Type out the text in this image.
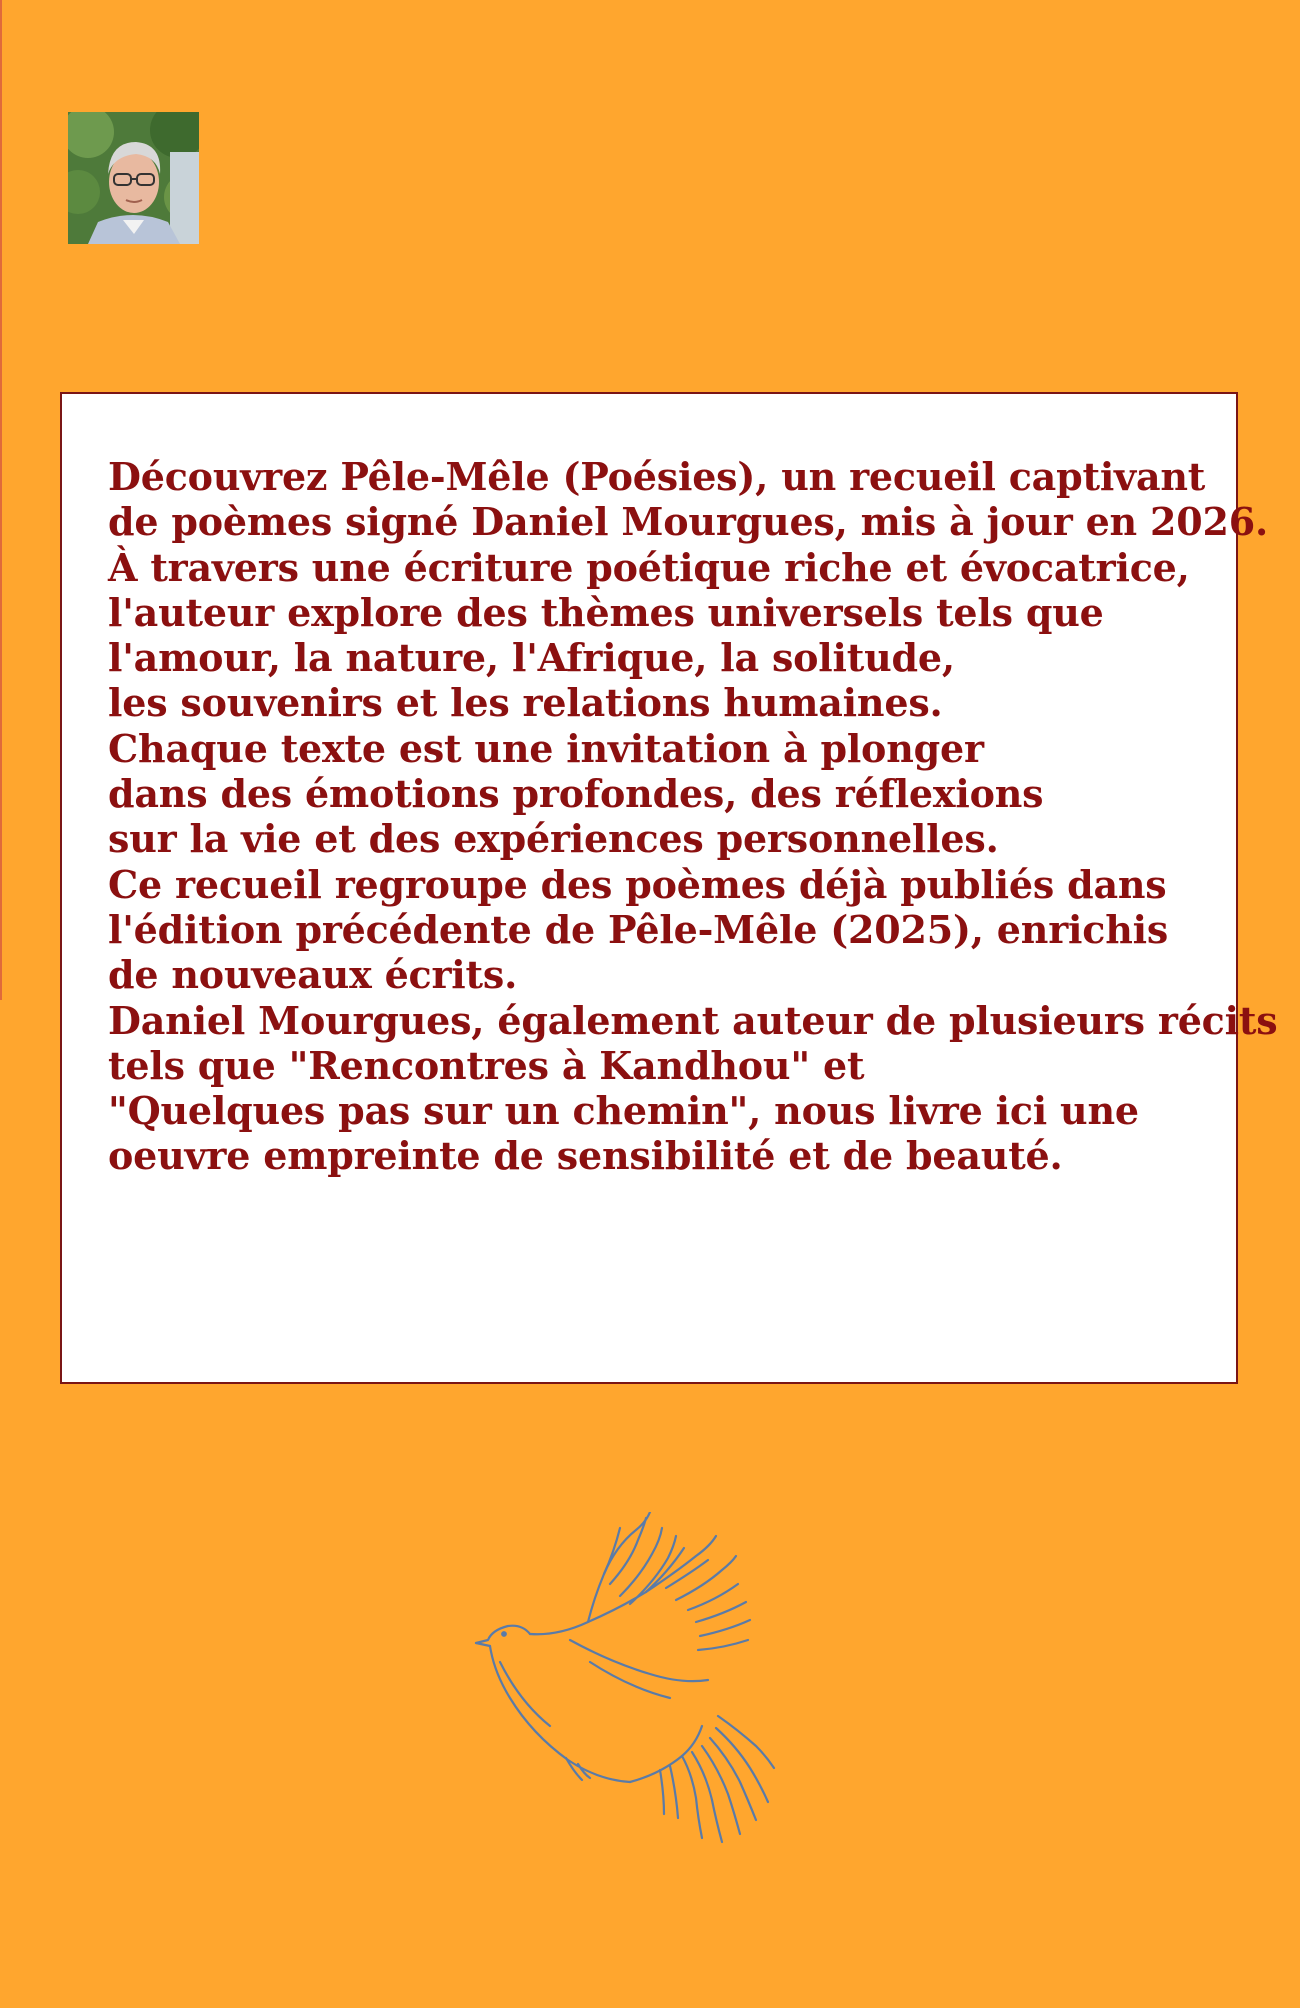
Découvrez Pêle-Mêle (Poésies), un recueil captivant
de poèmes signé Daniel Mourgues, mis à jour en 2026.
À travers une écriture poétique riche et évocatrice,
l'auteur explore des thèmes universels tels que
l'amour, la nature, l'Afrique, la solitude,
les souvenirs et les relations humaines.
Chaque texte est une invitation à plonger
dans des émotions profondes, des réflexions
sur la vie et des expériences personnelles.
Ce recueil regroupe des poèmes déjà publiés dans
l'édition précédente de Pêle-Mêle (2025), enrichis
de nouveaux écrits.
Daniel Mourgues, également auteur de plusieurs récits
tels que "Rencontres à Kandhou" et
"Quelques pas sur un chemin", nous livre ici une
oeuvre empreinte de sensibilité et de beauté.
